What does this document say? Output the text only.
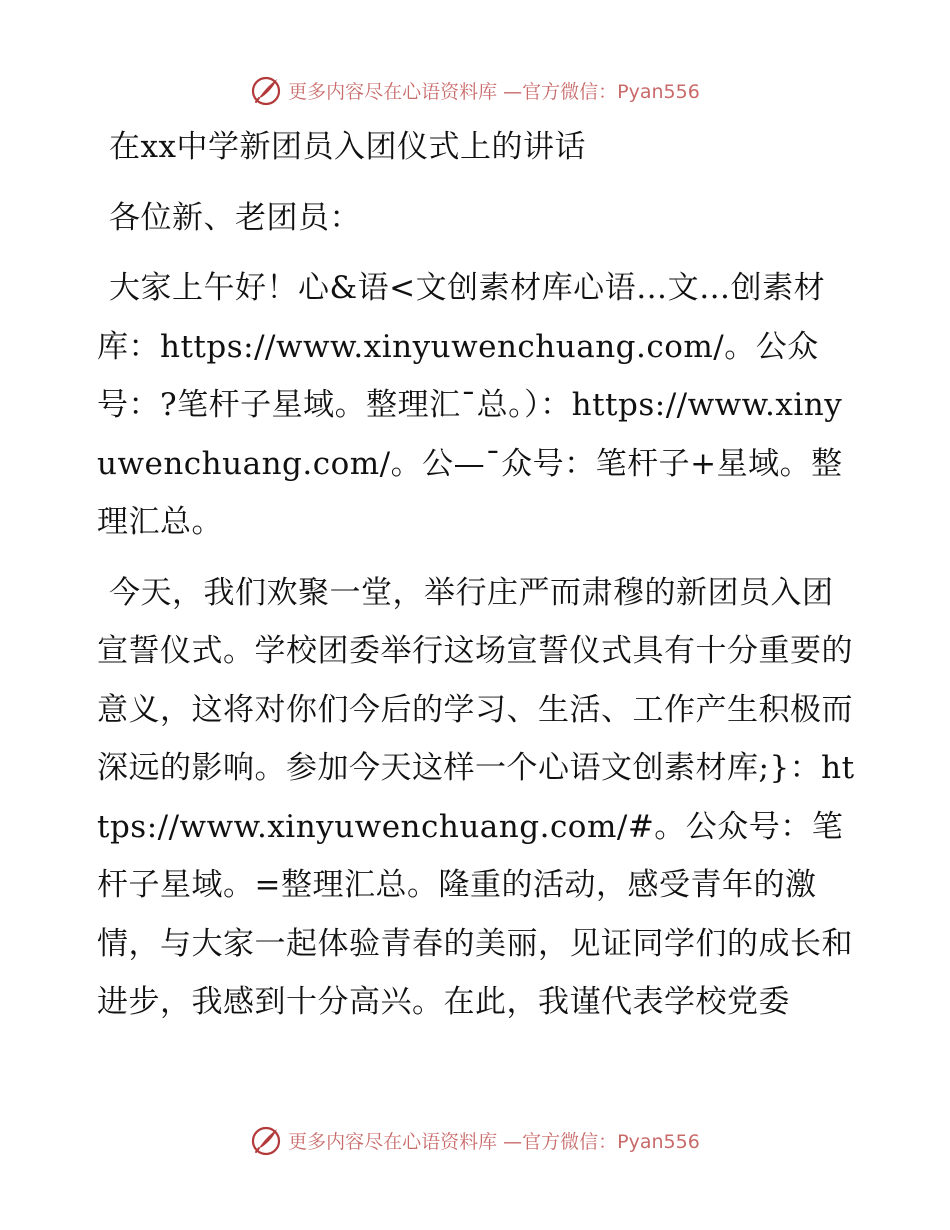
更多内容尽在心语资料库 —官方微信：Pyan556

在xx中学新团员入团仪式上的讲话

各位新、老团员：

大家上午好！心&语<文创素材库心语…文…创素材库：https://www.xinyuwenchuang.com/。公众号：?笔杆子星域。整理汇¯总。）：https://www.xinyuwenchuang.com/。公—¯众号：笔杆子+星域。整理汇总。

今天，我们欢聚一堂，举行庄严而肃穆的新团员入团宣誓仪式。学校团委举行这场宣誓仪式具有十分重要的意义，这将对你们今后的学习、生活、工作产生积极而深远的影响。参加今天这样一个心语文创素材库;}：https://www.xinyuwenchuang.com/#。公众号：笔杆子星域。=整理汇总。隆重的活动，感受青年的激情，与大家一起体验青春的美丽，见证同学们的成长和进步，我感到十分高兴。在此，我谨代表学校党委

更多内容尽在心语资料库 —官方微信：Pyan556
